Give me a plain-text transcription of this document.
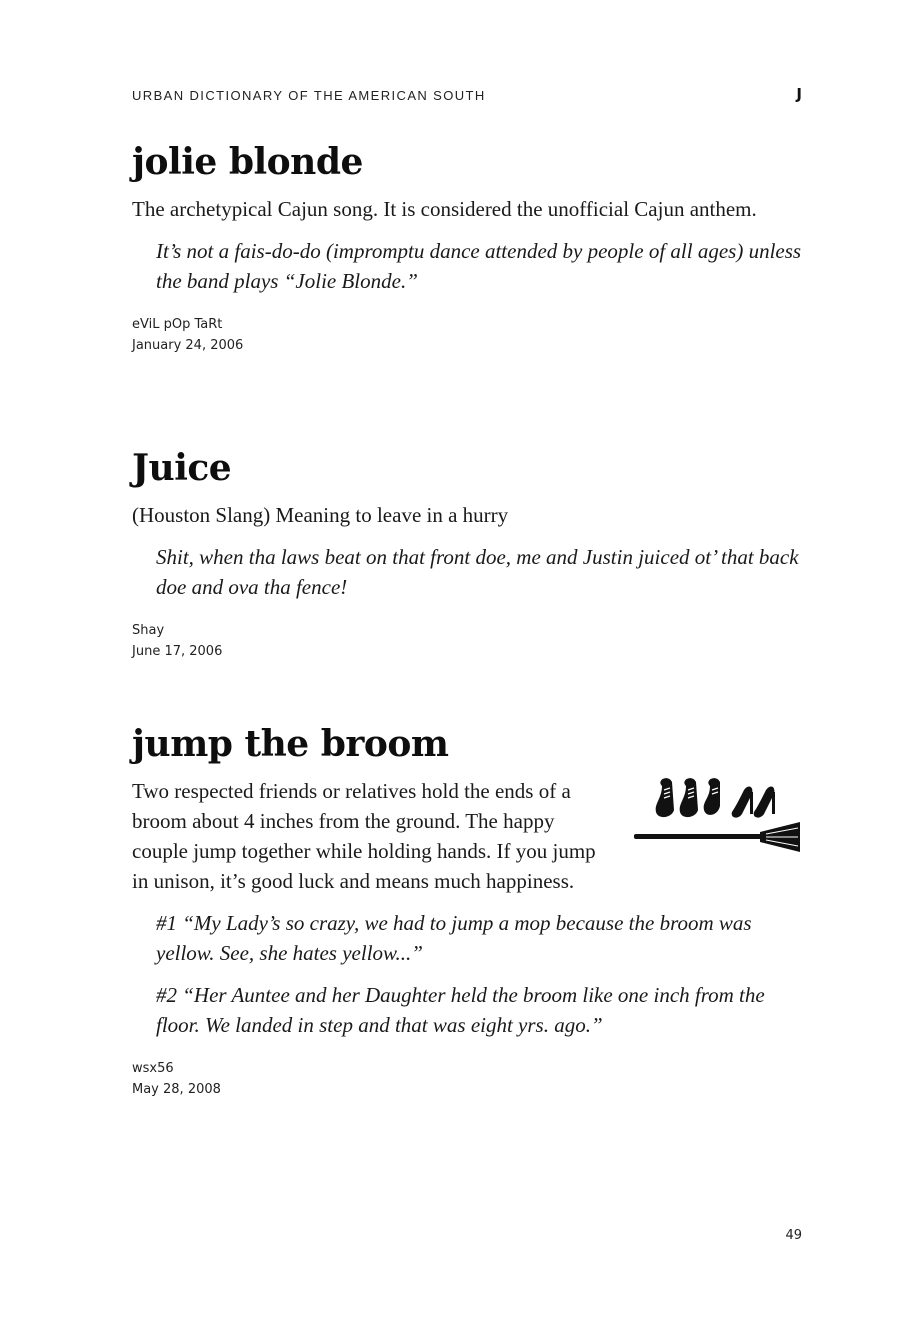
URBAN DICTIONARY OF THE AMERICAN SOUTH	J
jolie blonde

The archetypical Cajun song. It is considered the unofficial Cajun anthem.

It’s not a fais-do-do (impromptu dance attended by people of all ages) unless the band plays “Jolie Blonde.”

eViL pOp TaRt
January 24, 2006
Juice

(Houston Slang) Meaning to leave in a hurry

Shit, when tha laws beat on that front doe, me and Justin juiced ot’ that back doe and ova tha fence!

Shay
June 17, 2006
jump the broom
Two respected friends or relatives hold the ends of a broom about 4 inches from the ground. The happy couple jump together while holding hands. If you jump in unison, it’s good luck and means much happiness.

#1 “My Lady’s so crazy, we had to jump a mop because the broom was yellow. See, she hates yellow...”

#2 “Her Auntee and her Daughter held the broom like one inch from the floor. We landed in step and that was eight yrs. ago.”

wsx56
May 28, 2008
49
